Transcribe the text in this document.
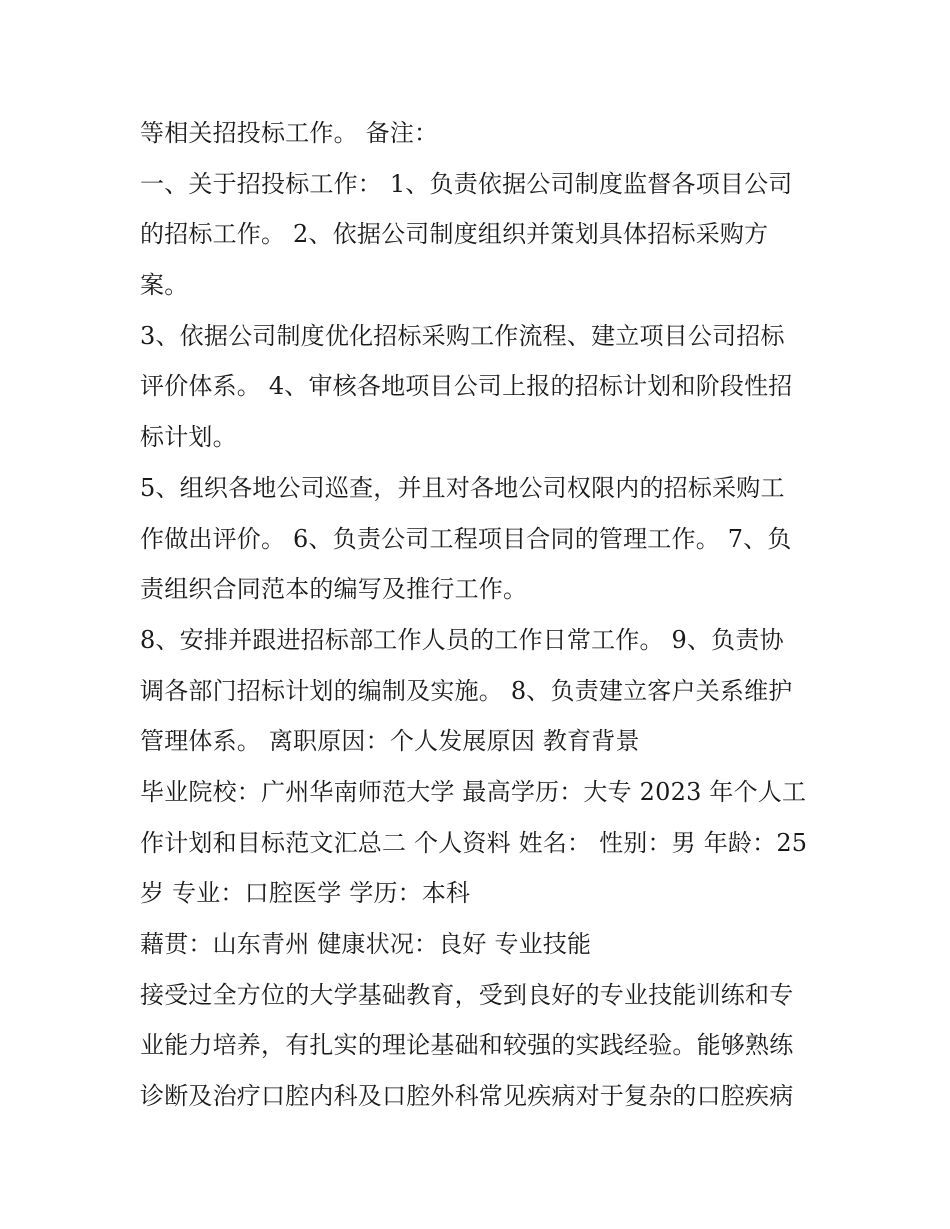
等相关招投标工作。 备注：
一、关于招投标工作： 1、负责依据公司制度监督各项目公司
的招标工作。 2、依据公司制度组织并策划具体招标采购方
案。
3、依据公司制度优化招标采购工作流程、建立项目公司招标
评价体系。 4、审核各地项目公司上报的招标计划和阶段性招
标计划。
5、组织各地公司巡查，并且对各地公司权限内的招标采购工
作做出评价。 6、负责公司工程项目合同的管理工作。 7、负
责组织合同范本的编写及推行工作。
8、安排并跟进招标部工作人员的工作日常工作。 9、负责协
调各部门招标计划的编制及实施。 8、负责建立客户关系维护
管理体系。 离职原因：个人发展原因 教育背景
毕业院校：广州华南师范大学 最高学历：大专 2023 年个人工
作计划和目标范文汇总二 个人资料 姓名： 性别：男 年龄：25
岁 专业：口腔医学 学历：本科
藉贯：山东青州 健康状况：良好 专业技能
接受过全方位的大学基础教育，受到良好的专业技能训练和专
业能力培养，有扎实的理论基础和较强的实践经验。能够熟练
诊断及治疗口腔内科及口腔外科常见疾病对于复杂的口腔疾病
